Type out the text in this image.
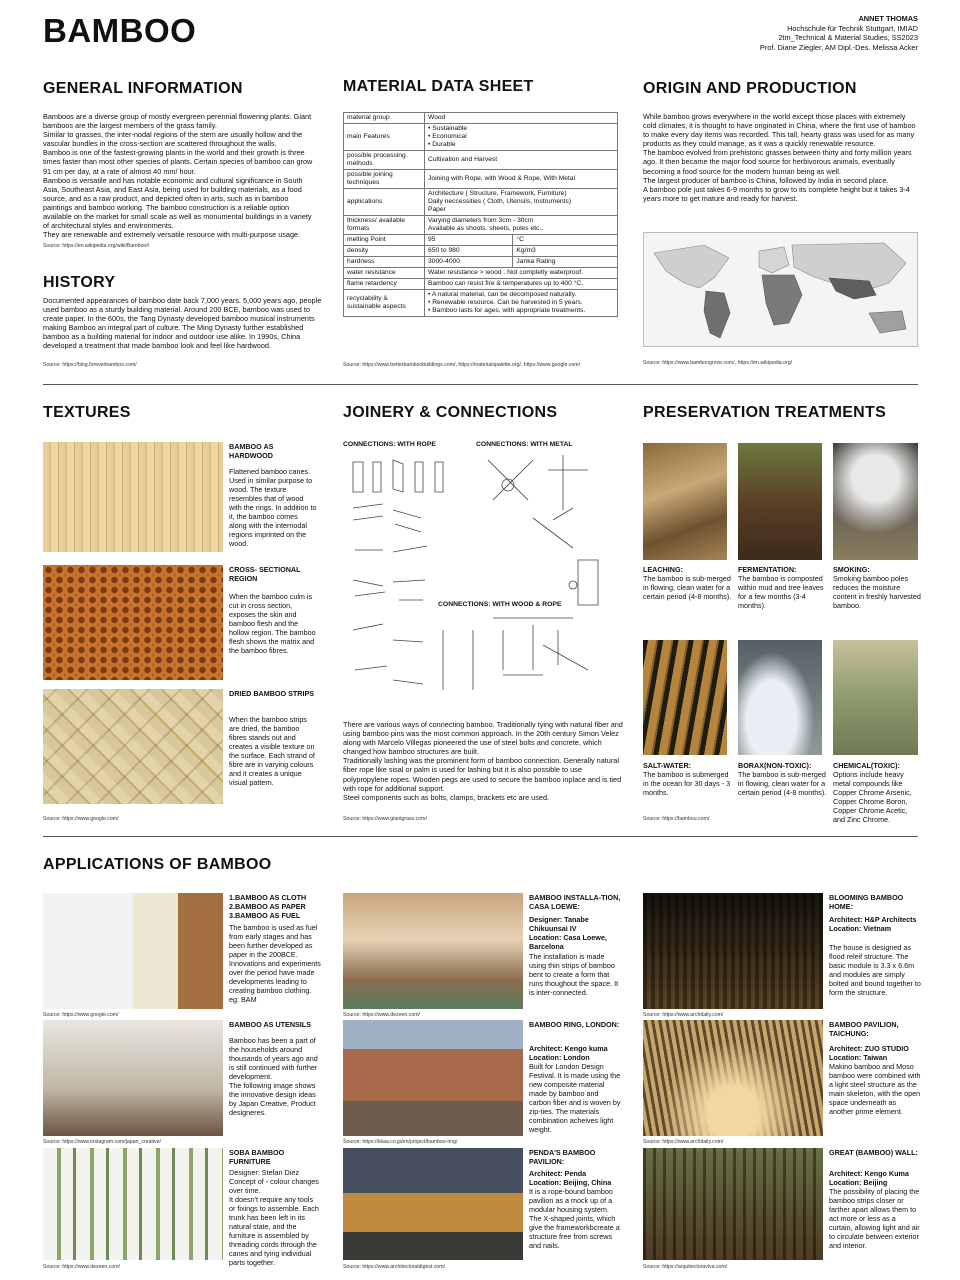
BAMBOO	ANNET THOMAS
Hochschule für Technik Stuttgart, IMIAD
2tm_Technical & Material Studies, SS2023
Prof. Diane Ziegler, AM Dipl.-Des. Melissa Acker
GENERAL INFORMATION
Bamboos are a diverse group of mostly evergreen perennial flowering plants. Giant bamboos are the largest members of the grass family.
Similar to grasses, the inter-nodal regions of the stem are usually hollow and the vascular bundles in the cross-section are scattered throughout the walls.
Bamboo is one of the fastest-growing plants in the world and their growth is three times faster than most other species of plants. Certain species of bamboo can grow 91 cm per day, at a rate of almost 40 mm/ hour.
Bamboo is versatile and has notable economic and cultural significance in South Asia, Southeast Asia, and East Asia, being used for building materials, as a food source, and as a raw product, and depicted often in arts, such as in bamboo paintings and bamboo working. The bamboo construction is a reliable option available on the market for small scale as well as monumental buildings in a variety of architectural styles and environments.
They are renewable and extremely versatile resource with multi-purpose usage.
Source: https://en.wikipedia.org/wiki/Bamboo#
HISTORY
Documented appearances of bamboo date back 7,000 years. 5,000 years ago, people used bamboo as a sturdy building material. Around 200 BCE, bamboo was used to create paper. In the 600s, the Tang Dynasty developed bamboo musical instruments making Bamboo an integral part of culture. The Ming Dynasty further established bamboo as a building material for indoor and outdoor use alike. In 1990s, China developed a treatment that made bamboo look and feel like hardwood.
Source: https://blog.foreverbamboo.com/
MATERIAL DATA SHEET
material group	Wood	
main Features	• Sustainable
• Economical
• Durable	
possible processing methods	Cultivation and Harvest	
possible joining techniques	Joining with Rope, with Wood & Rope, With Metal	
applications	Architecture ( Structure, Framework, Furniture)
Daily neccessities ( Cloth, Utensils, Instruments)
Paper	
thickness/ available formats	Varying diameters from 3cm - 30cm
Available as shoots. sheets, poles etc..	
melting Point	95	°C
density	650 to 980	Kg/m3
hardness	3000-4000	Janka Rating
water resistance	Water resistance > wood . Not completly waterproof.	
flame retardency	Bamboo can resist fire & temperatures up to 400 °C.	
recyclability & sustainable aspects	• A natural material, can be decomposed naturally.
• Renewable resource. Can be harvested in 5 years.
• Bamboo lasts for ages, with appropriate treatments.	
Source: https://www.betterbamboobuildings.com/, https://materialspalette.org/, https://www.google.com/
ORIGIN AND PRODUCTION
While bamboo grows everywhere in the world except those places with extremely cold climates, it is thought to have originated in China, where the first use of bamboo to make every day items was recorded. This tall, hearty grass was used for as many products as they could manage, as it was a quickly renewable resource.
The bamboo evolved from prehistoric grasses between thirty and forty million years ago. It then became the major food source for herbivorous animals, eventually becoming a food source for the modern human being as well.
The largest producer of bamboo is China, followed by India in second place.
A bamboo pole just takes 6-9 months to grow to its complete height but it takes 3-4 years more to get mature and ready for harvest.
Source: https://www.bamboogrove.com/, https://en.wikipedia.org/
TEXTURES
BAMBOO AS HARDWOOD
Flattened bamboo canes. Used in similar purpose to wood. The texture resembles that of wood with the rings. In addition to it, the bamboo comes along with the internodal regions imprinted on the wood.
CROSS- SECTIONAL REGION
When the bamboo culm is cut in cross section, exposes the skin and bamboo flesh and the hollow region. The bamboo flesh shows the matrix and the bamboo fibres.
DRIED BAMBOO STRIPS
When the bamboo strips are dried, the bamboo fibres stands out and creates a visible texture on the surface. Each strand of fibre are in varying colours and it creates a unique visual pattern.
Source: https://www.google.com/
JOINERY & CONNECTIONS
CONNECTIONS: WITH ROPE	CONNECTIONS: WITH METAL
CONNECTIONS: WITH WOOD & ROPE
There are various ways of connecting bamboo. Traditionally tying with natural fiber and using bamboo pins was the most common approach. In the 20th century Simon Velez along with Marcelo Villegas pioneered the use of steel bolts and concrete, which changed how bamboo structures are built.
Traditionally lashing was the prominent form of bamboo connection. Generally natural fiber rope like sisal or palm is used for lashing but it is also possible to use polypropylene ropes. Wooden pegs are used to secure the bamboo inplace and is tied with rope for additional support.
Steel components such as bolts, clamps, brackets etc are used.
Source: https://www.giantgrass.com/
PRESERVATION TREATMENTS
LEACHING:
The bamboo is sub-merged in flowing, clean water for a certain period (4-8 months).
FERMENTATION:
The bamboo is composted within mud and tree leaves for a few months (3-4 months).
SMOKING:
Smoking bamboo poles reduces the moisture content in freshly harvested bamboo.
SALT-WATER:
The bamboo is submerged in the ocean for 30 days - 3 months.
BORAX(NON-TOXIC):
The bamboo is sub-merged in flowing, clean water for a certain period (4-8 months).
CHEMICAL(TOXIC):
Options include heavy metal compounds like Copper Chrome Arsenic, Copper Chrome Boron, Copper Chrome Acetic, and Zinc Chrome.
Source: https://bambou.com/
APPLICATIONS OF BAMBOO
1.BAMBOO AS CLOTH
2.BAMBOO AS PAPER
3.BAMBOO AS FUEL
The bamboo is used as fuel from early stages and has been further developed as paper in the 200BCE. Innovations and experiments over the period have made developments leading to creating bamboo clothing. eg: BAM
Source: https://www.google.com/
BAMBOO AS UTENSILS
Bamboo has been a part of the households around thousands of years ago and is still continued with further development.
The following image shows the innovative design ideas by Japan Creative, Product designeres.
Source: https://www.instagram.com/japan_creative/
SOBA BAMBOO FURNITURE
Designer: Stefan Diez
Concept of - colour changes over time.
It doesn't require any tools or fixings to assemble. Each trunk has been left in its natural state, and the furniture is assembled by threading cords through the canes and tying individual parts together.
Source: https://www.dezeen.com/
BAMBOO INSTALLA-TION, CASA LOEWE:
Designer: Tanabe Chikuunsai IV
Location: Casa Loewe, Barcelona
The installation is made using thin strips of bamboo bent to create a form that runs thoughout the space. It is inter-connected.
Source: https://www.dezeen.com/
BAMBOO RING, LONDON:
Architect: Kengo kuma
Location: London
Built for London Design Festival. It is made using the new composite material made by bamboo and carbon fiber and is woven by zip-ties. The materials combination acheives light weight.
Source: https://kkaa.co.jp/en/project/bamboo-ring/
PENDA'S BAMBOO PAVILION:
Architect: Penda
Location: Beijing, China
It is a rope-bound bamboo pavilion as a mock up of a modular housing system. The X-shaped joints, which give the frameworkbcreate a structure free from screws and nails.
Source: https://www.architecturaldigest.com/
BLOOMING BAMBOO HOME:
Architect: H&P Architects
Location: Vietnam
The house is designed as flood releif structure. The basic module is 3.3 x 6.6m and modules are simply bolted and bound together to form the structure.
Source: https://www.archdaily.com/
BAMBOO PAVILION, TAICHUNG:
Architect: ZUO STUDIO
Location: Taiwan
Makino bamboo and Moso bamboo were combined with a light steel structure as the main skeleton, with the open space underneath as another prime element.
Source: https://www.archdaily.com/
GREAT (BAMBOO) WALL:
Architect: Kengo Kuma
Location: Beijing
The possibility of placing the bamboo strips closer or farther apart allows them to act more or less as a curtain, allowing light and air to circulate between exterior and interior.
Source: https://arquitecturaviva.com/
